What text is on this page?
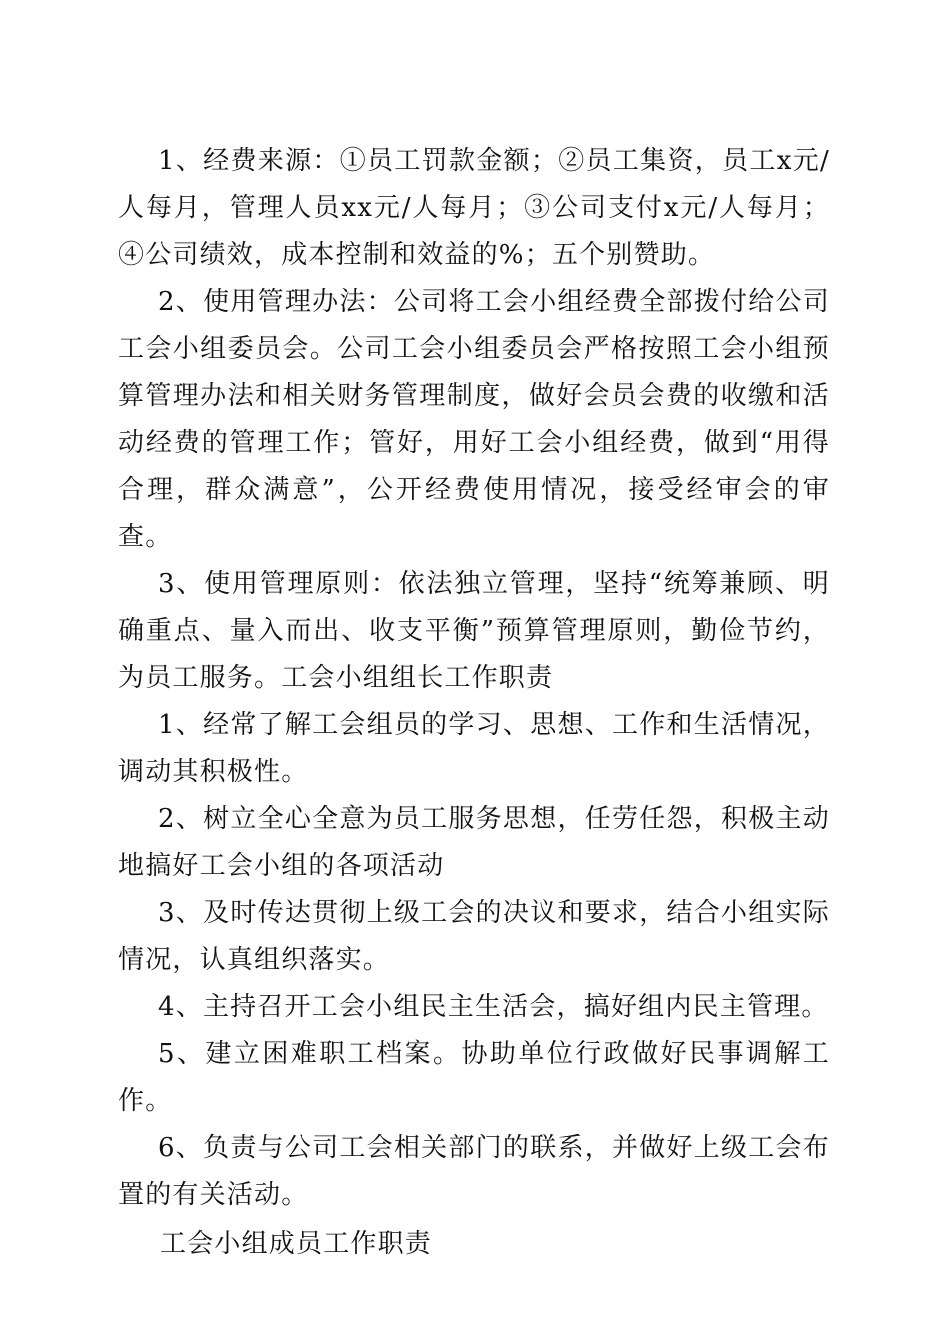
1、经费来源：①员工罚款金额；②员工集资，员工x元/人每月，管理人员xx元/人每月；③公司支付x元/人每月；④公司绩效，成本控制和效益的%；五个别赞助。

2、使用管理办法：公司将工会小组经费全部拨付给公司工会小组委员会。公司工会小组委员会严格按照工会小组预算管理办法和相关财务管理制度，做好会员会费的收缴和活动经费的管理工作；管好，用好工会小组经费，做到“用得合理，群众满意”，公开经费使用情况，接受经审会的审查。

3、使用管理原则：依法独立管理，坚持“统筹兼顾、明确重点、量入而出、收支平衡”预算管理原则，勤俭节约，为员工服务。工会小组组长工作职责

1、经常了解工会组员的学习、思想、工作和生活情况，调动其积极性。

2、树立全心全意为员工服务思想，任劳任怨，积极主动地搞好工会小组的各项活动

3、及时传达贯彻上级工会的决议和要求，结合小组实际情况，认真组织落实。

4、主持召开工会小组民主生活会，搞好组内民主管理。

5、建立困难职工档案。协助单位行政做好民事调解工作。

6、负责与公司工会相关部门的联系，并做好上级工会布置的有关活动。

工会小组成员工作职责
